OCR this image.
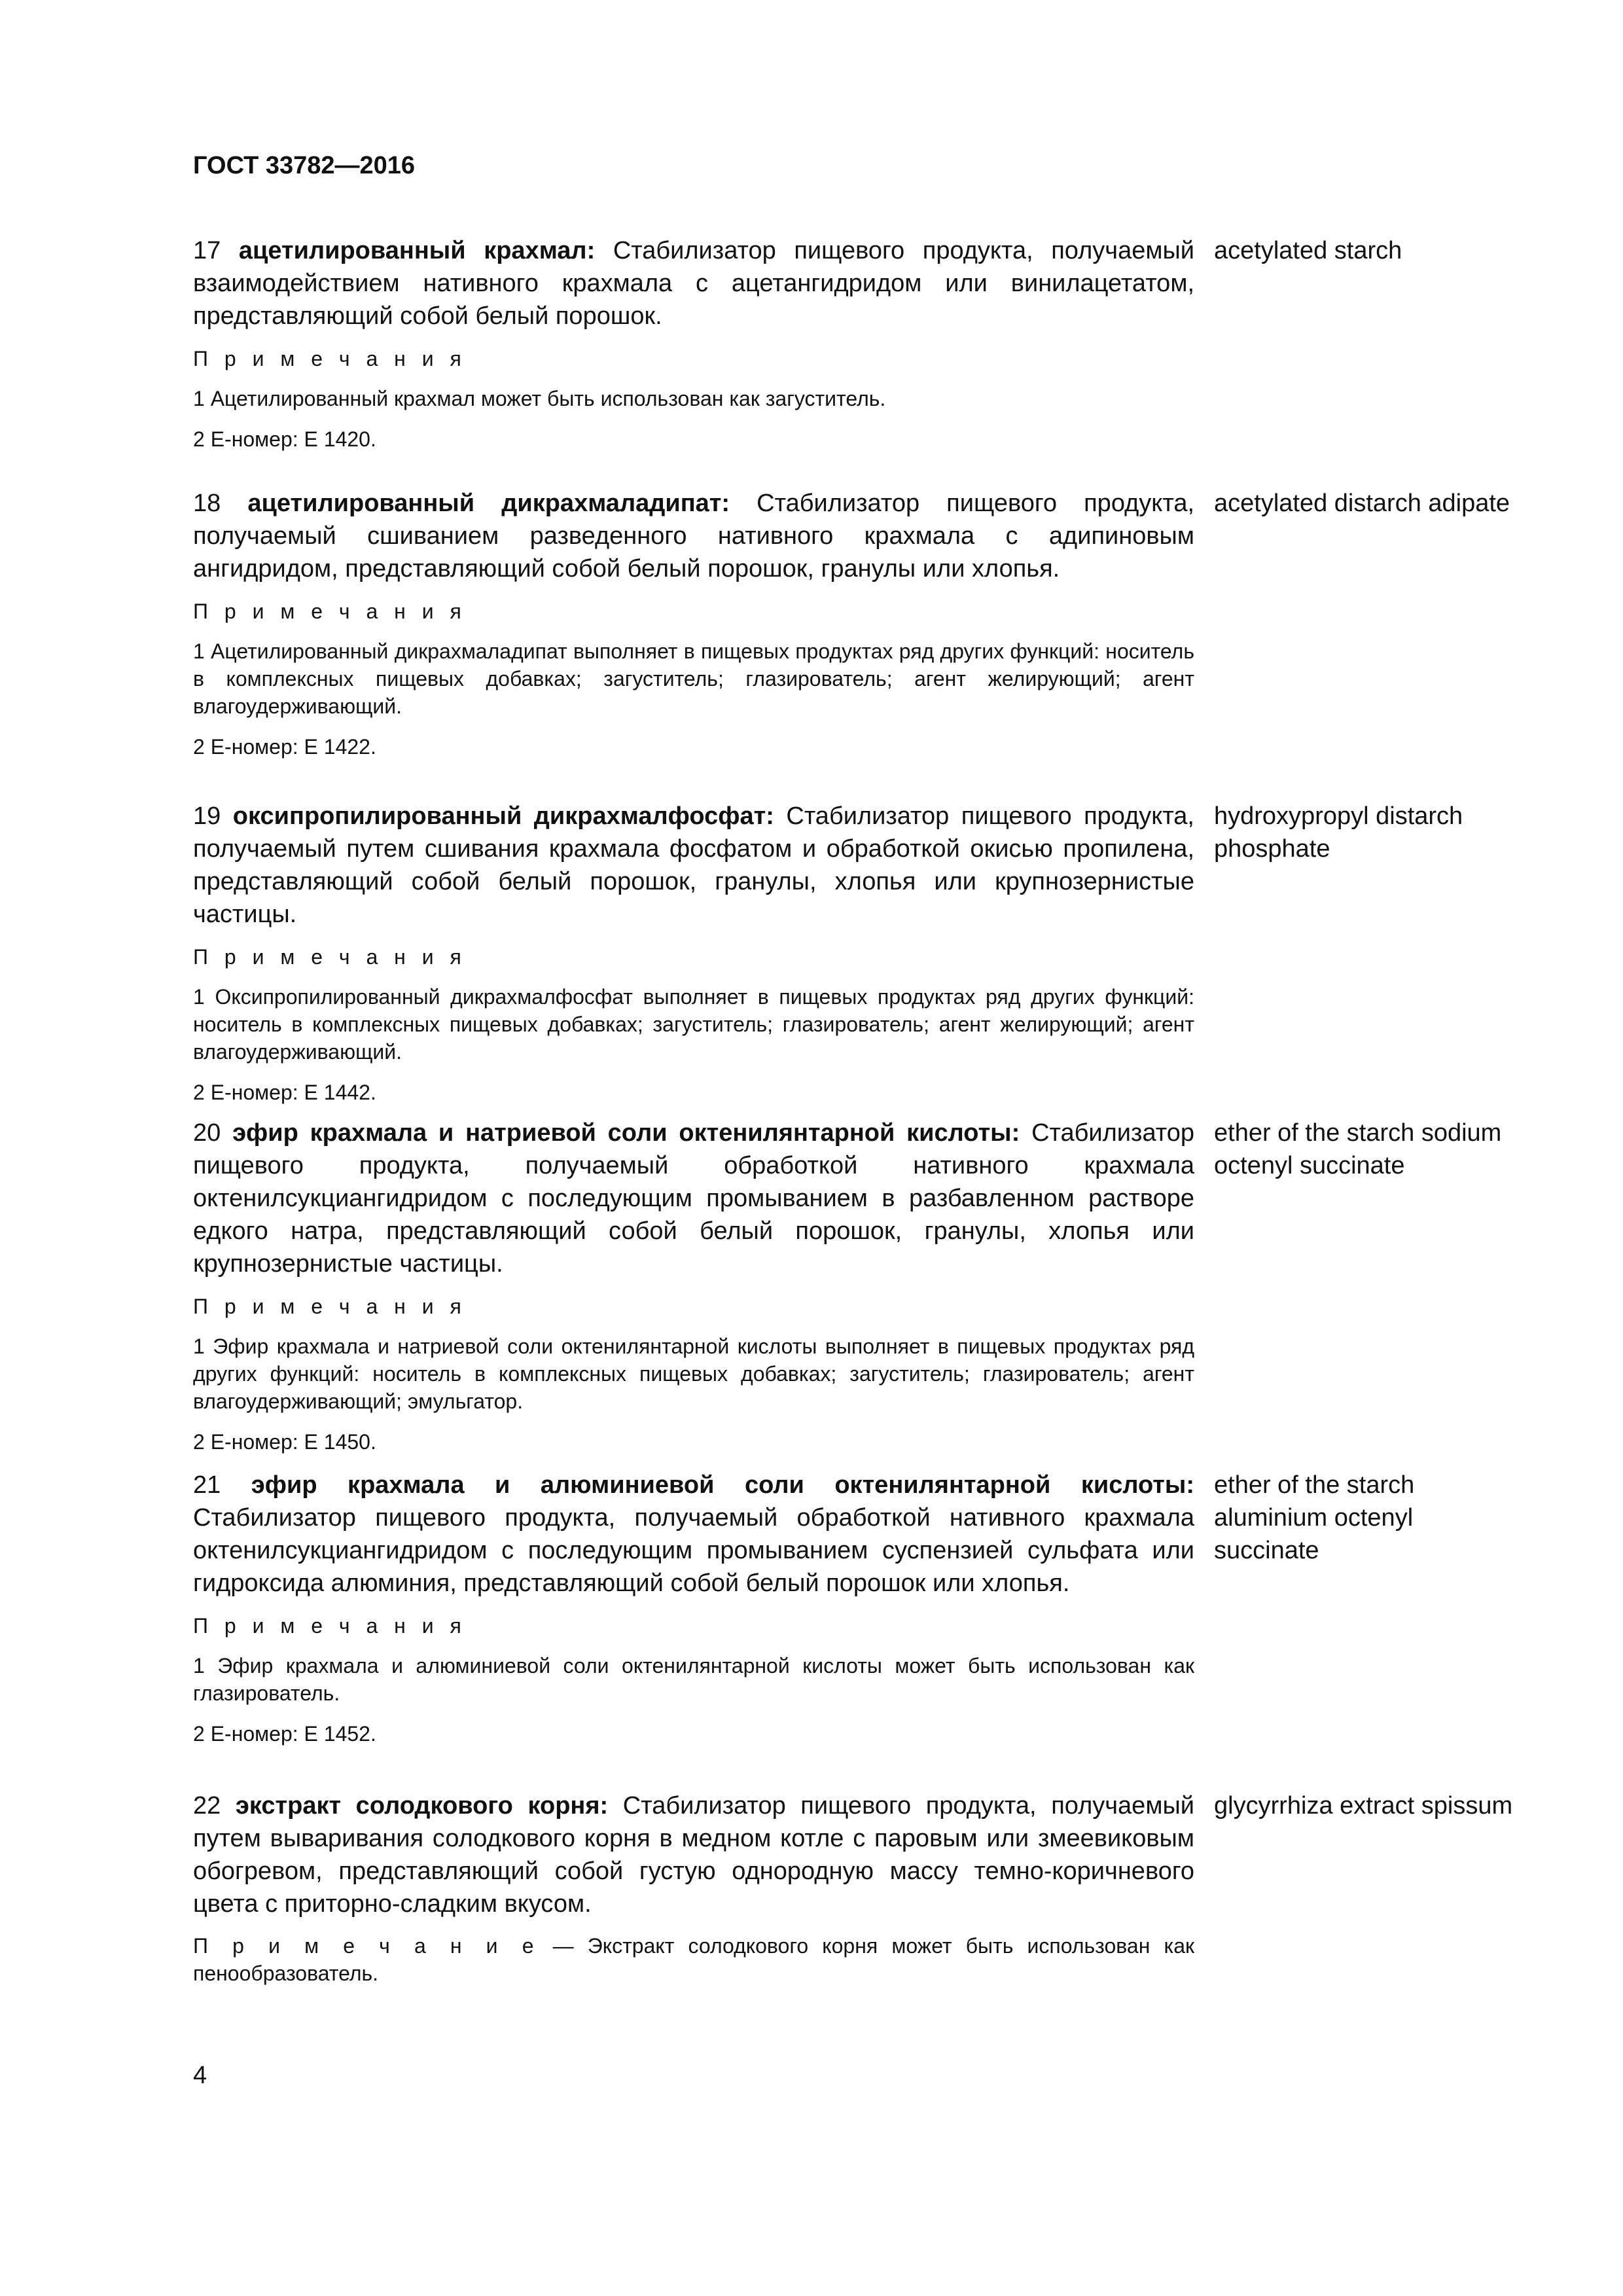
ГОСТ 33782—2016
17 ацетилированный крахмал: Стабилизатор пищевого продукта, получаемый взаимодействием нативного крахмала с ацетангидридом или винилацетатом, представляющий собой белый порошок.
П р и м е ч а н и я
1 Ацетилированный крахмал может быть использован как загуститель.
2 Е-номер: Е 1420.
acetylated starch
18 ацетилированный дикрахмаладипат: Стабилизатор пищевого продукта, получаемый сшиванием разведенного нативного крахмала с адипиновым ангидридом, представляющий собой белый порошок, гранулы или хлопья.
П р и м е ч а н и я
1 Ацетилированный дикрахмаладипат выполняет в пищевых продуктах ряд других функций: носитель в комплексных пищевых добавках; загуститель; глазирователь; агент желирующий; агент влагоудерживающий.
2 Е-номер: Е 1422.
acetylated distarch adipate
19 оксипропилированный дикрахмалфосфат: Стабилизатор пищевого продукта, получаемый путем сшивания крахмала фосфатом и обработкой окисью пропилена, представляющий собой белый порошок, гранулы, хлопья или крупнозернистые частицы.
П р и м е ч а н и я
1 Оксипропилированный дикрахмалфосфат выполняет в пищевых продуктах ряд других функций: носитель в комплексных пищевых добавках; загуститель; глазирователь; агент желирующий; агент влагоудерживающий.
2 Е-номер: Е 1442.
hydroxypropyl distarch phosphate
20 эфир крахмала и натриевой соли октенилянтарной кислоты: Стабилизатор пищевого продукта, получаемый обработкой нативного крахмала октенилсукциангидридом с последующим промыванием в разбавленном растворе едкого натра, представляющий собой белый порошок, гранулы, хлопья или крупнозернистые частицы.
П р и м е ч а н и я
1 Эфир крахмала и натриевой соли октенилянтарной кислоты выполняет в пищевых продуктах ряд других функций: носитель в комплексных пищевых добавках; загуститель; глазирователь; агент влагоудерживающий; эмульгатор.
2 Е-номер: Е 1450.
ether of the starch sodium octenyl succinate
21 эфир крахмала и алюминиевой соли октенилянтарной кислоты: Стабилизатор пищевого продукта, получаемый обработкой нативного крахмала октенилсукциангидридом с последующим промыванием суспензией сульфата или гидроксида алюминия, представляющий собой белый порошок или хлопья.
П р и м е ч а н и я
1 Эфир крахмала и алюминиевой соли октенилянтарной кислоты может быть использован как глазирователь.
2 Е-номер: Е 1452.
ether of the starch aluminium octenyl succinate
22 экстракт солодкового корня: Стабилизатор пищевого продукта, получаемый путем вываривания солодкового корня в медном котле с паровым или змеевиковым обогревом, представляющий собой густую однородную массу темно-коричневого цвета с приторно-сладким вкусом.
П р и м е ч а н и е — Экстракт солодкового корня может быть использован как пенообразователь.
glycyrrhiza extract spissum
4
